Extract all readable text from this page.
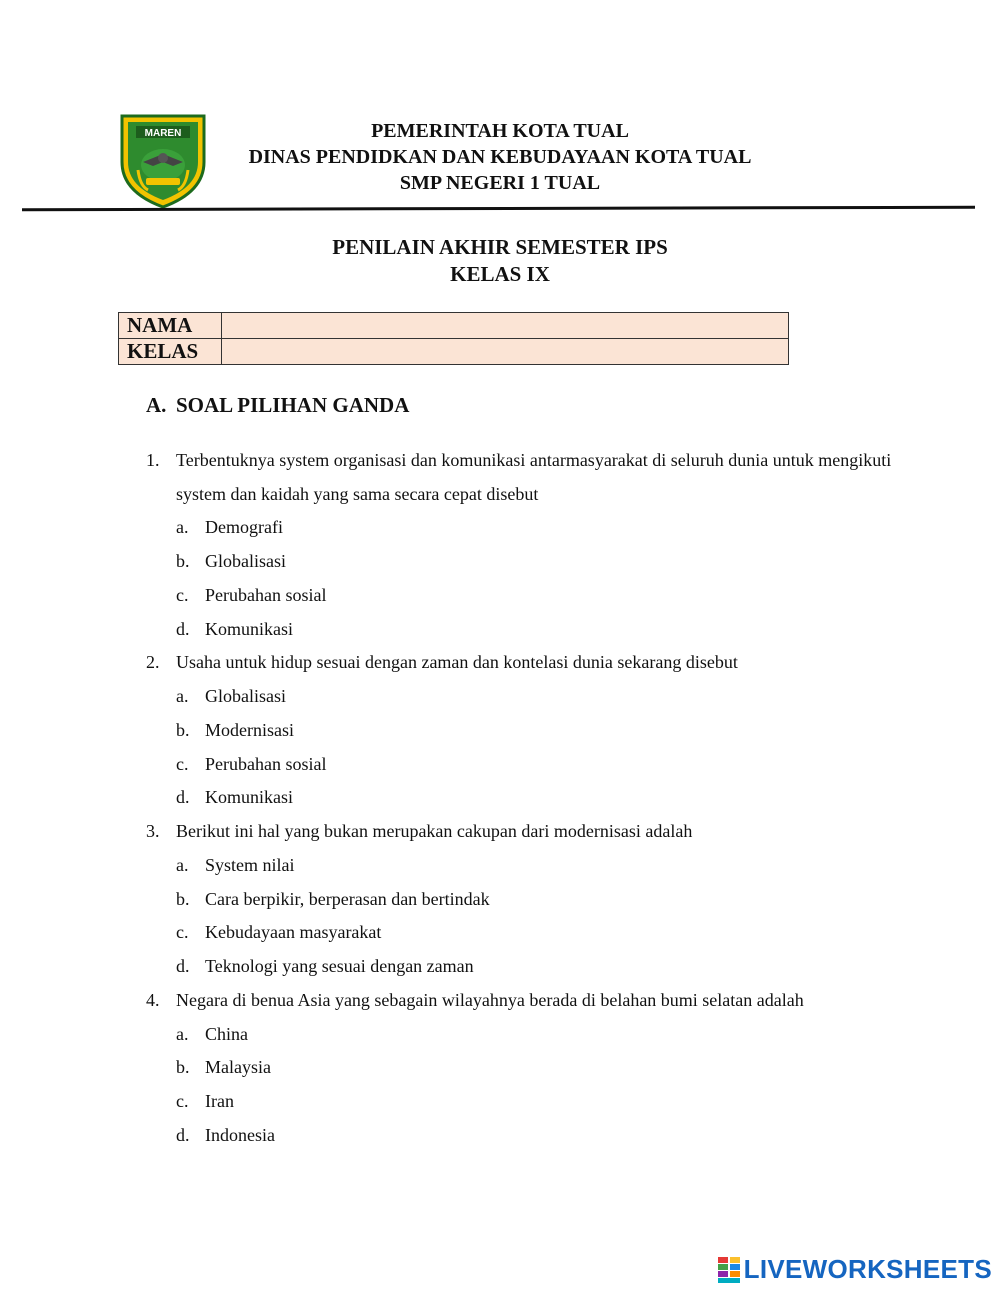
MAREN	PEMERINTAH KOTA TUAL
DINAS PENDIDKAN DAN KEBUDAYAAN KOTA TUAL
SMP NEGERI 1 TUAL
PENILAIN AKHIR SEMESTER IPS
KELAS IX
NAMA	
KELAS	
A. SOAL PILIHAN GANDA
1. Terbentuknya system organisasi dan komunikasi antarmasyarakat di seluruh dunia untuk mengikuti system dan kaidah yang sama secara cepat disebut
a. Demografi
b. Globalisasi
c. Perubahan sosial
d. Komunikasi
2. Usaha untuk hidup sesuai dengan zaman dan kontelasi dunia sekarang disebut
a. Globalisasi
b. Modernisasi
c. Perubahan sosial
d. Komunikasi
3. Berikut ini hal yang bukan merupakan cakupan dari modernisasi adalah
a. System nilai
b. Cara berpikir, berperasan dan bertindak
c. Kebudayaan masyarakat
d. Teknologi yang sesuai dengan zaman
4. Negara di benua Asia yang sebagain wilayahnya berada di belahan bumi selatan adalah
a. China
b. Malaysia
c. Iran
d. Indonesia
LIVEWORKSHEETS
